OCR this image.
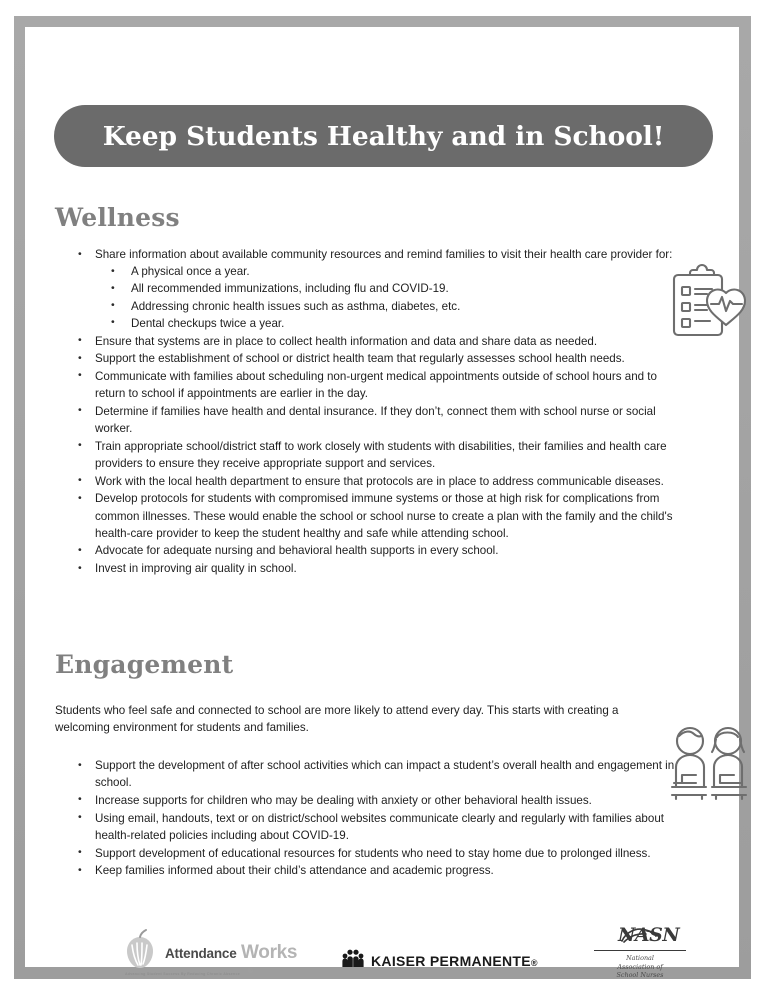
Keep Students Healthy and in School!
Wellness
• Share information about available community resources and remind families to visit their health care provider for:
• A physical once a year.
• All recommended immunizations, including flu and COVID-19.
• Addressing chronic health issues such as asthma, diabetes, etc.
• Dental checkups twice a year.
• Ensure that systems are in place to collect health information and data and share data as needed.
• Support the establishment of school or district health team that regularly assesses school health needs.
• Communicate with families about scheduling non-urgent medical appointments outside of school hours and to return to school if appointments are earlier in the day.
• Determine if families have health and dental insurance. If they don’t, connect them with school nurse or social worker.
• Train appropriate school/district staff to work closely with students with disabilities, their families and health care providers to ensure they receive appropriate support and services.
• Work with the local health department to ensure that protocols are in place to address communicable diseases.
• Develop protocols for students with compromised immune systems or those at high risk for complications from common illnesses. These would enable the school or school nurse to create a plan with the family and the child's health-care provider to keep the student healthy and safe while attending school.
• Advocate for adequate nursing and behavioral health supports in every school.
• Invest in improving air quality in school.
Engagement

Students who feel safe and connected to school are more likely to attend every day. This starts with creating a welcoming environment for students and families.

• Support the development of after school activities which can impact a student’s overall health and engagement in school.
• Increase supports for children who may be dealing with anxiety or other behavioral health issues.
• Using email, handouts, text or on district/school websites communicate clearly and regularly with families about health-related policies including about COVID-19.
• Support development of educational resources for students who need to stay home due to prolonged illness.
• Keep families informed about their child’s attendance and academic progress.
Attendance Works
Advancing Student Success By Reducing Chronic Absence ®
KAISER PERMANENTE®
NASN
National
Association of
School Nurses
